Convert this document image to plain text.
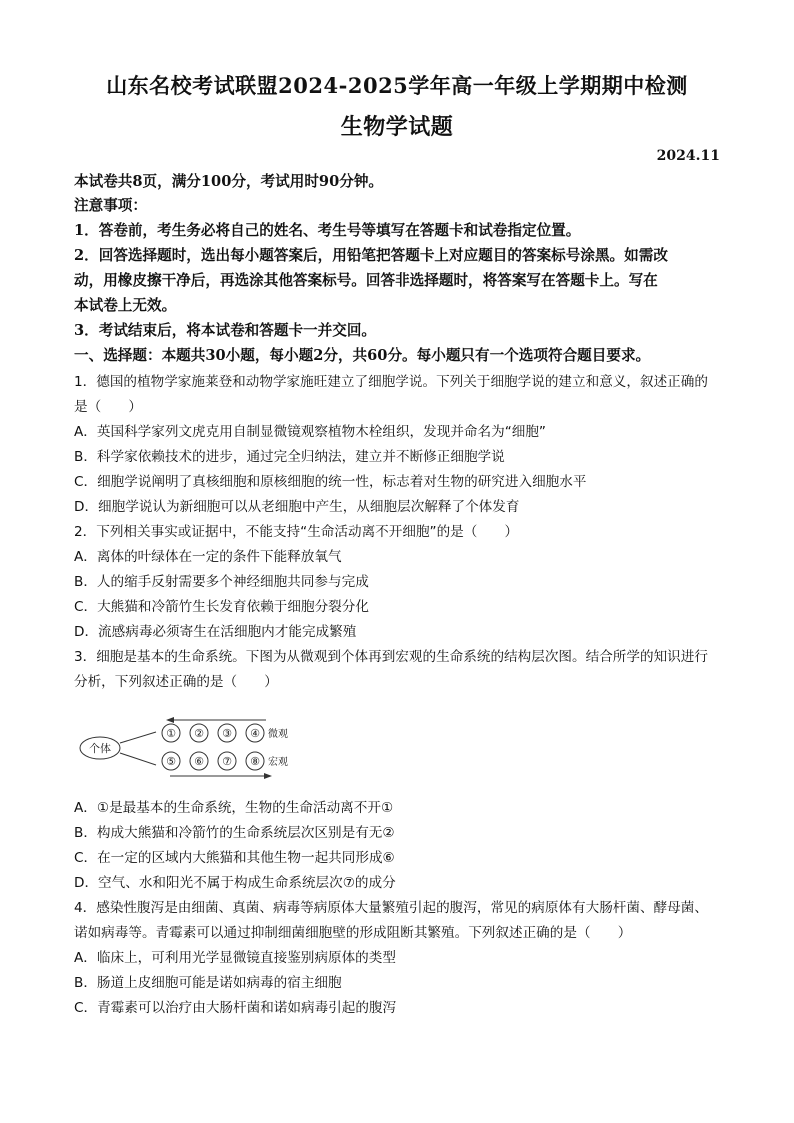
山东名校考试联盟2024-2025学年高一年级上学期期中检测
生物学试题
2024.11
本试卷共8页，满分100分，考试用时90分钟。
注意事项：
1．答卷前，考生务必将自己的姓名、考生号等填写在答题卡和试卷指定位置。
2．回答选择题时，选出每小题答案后，用铅笔把答题卡上对应题目的答案标号涂黑。如需改
动，用橡皮擦干净后，再选涂其他答案标号。回答非选择题时，将答案写在答题卡上。写在
本试卷上无效。
3．考试结束后，将本试卷和答题卡一并交回。
一、选择题：本题共30小题，每小题2分，共60分。每小题只有一个选项符合题目要求。
1．德国的植物学家施莱登和动物学家施旺建立了细胞学说。下列关于细胞学说的建立和意义，叙述正确的
是（　　）
A．英国科学家列文虎克用自制显微镜观察植物木栓组织，发现并命名为“细胞”
B．科学家依赖技术的进步，通过完全归纳法，建立并不断修正细胞学说
C．细胞学说阐明了真核细胞和原核细胞的统一性，标志着对生物的研究进入细胞水平
D．细胞学说认为新细胞可以从老细胞中产生，从细胞层次解释了个体发育
2．下列相关事实或证据中，不能支持“生命活动离不开细胞”的是（　　）
A．离体的叶绿体在一定的条件下能释放氧气
B．人的缩手反射需要多个神经细胞共同参与完成
C．大熊猫和冷箭竹生长发育依赖于细胞分裂分化
D．流感病毒必须寄生在活细胞内才能完成繁殖
3．细胞是基本的生命系统。下图为从微观到个体再到宏观的生命系统的结构层次图。结合所学的知识进行
分析，下列叙述正确的是（　　）
个体
① ② ③ ④
⑤ ⑥ ⑦ ⑧
微观
宏观
A．①是最基本的生命系统，生物的生命活动离不开①
B．构成大熊猫和冷箭竹的生命系统层次区别是有无②
C．在一定的区域内大熊猫和其他生物一起共同形成⑥
D．空气、水和阳光不属于构成生命系统层次⑦的成分
4．感染性腹泻是由细菌、真菌、病毒等病原体大量繁殖引起的腹泻，常见的病原体有大肠杆菌、酵母菌、
诺如病毒等。青霉素可以通过抑制细菌细胞壁的形成阻断其繁殖。下列叙述正确的是（　　）
A．临床上，可利用光学显微镜直接鉴别病原体的类型
B．肠道上皮细胞可能是诺如病毒的宿主细胞
C．青霉素可以治疗由大肠杆菌和诺如病毒引起的腹泻
